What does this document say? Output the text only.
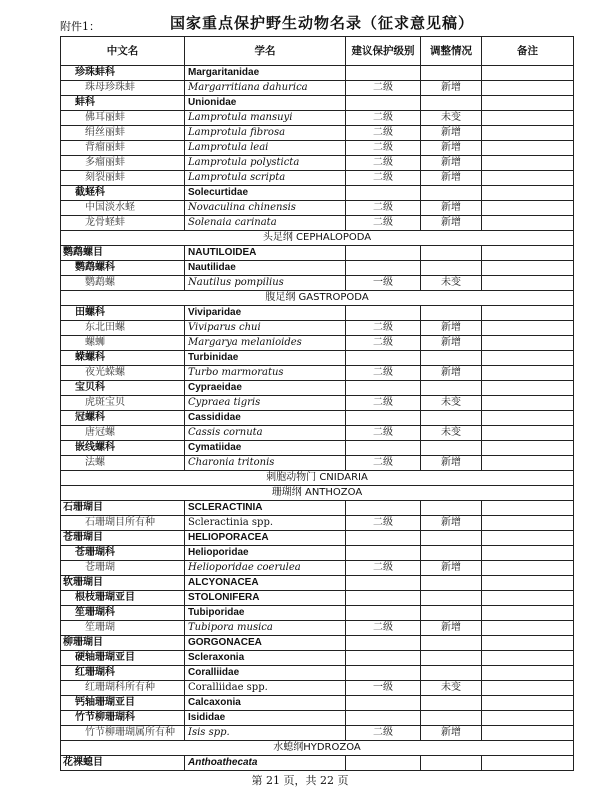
附件1：	国家重点保护野生动物名录（征求意见稿）
中文名	学名	建议保护级别	调整情况	备注
珍珠蚌科	Margaritanidae			
珠母珍珠蚌	Margarritiana dahurica	二级	新增	
蚌科	Unionidae			
佛耳丽蚌	Lamprotula mansuyi	二级	未变	
绢丝丽蚌	Lamprotula fibrosa	二级	新增	
背瘤丽蚌	Lamprotula leai	二级	新增	
多瘤丽蚌	Lamprotula polysticta	二级	新增	
刻裂丽蚌	Lamprotula scripta	二级	新增	
截蛏科	Solecurtidae			
中国淡水蛏	Novaculina chinensis	二级	新增	
龙骨蛏蚌	Solenaia carinata	二级	新增	
头足纲 CEPHALOPODA				
鹦鹉螺目	NAUTILOIDEA			
鹦鹉螺科	Nautilidae			
鹦鹉螺	Nautilus pompilius	一级	未变	
腹足纲 GASTROPODA				
田螺科	Viviparidae			
东北田螺	Viviparus chui	二级	新增	
螺蛳	Margarya melanioides	二级	新增	
蝾螺科	Turbinidae			
夜光蝾螺	Turbo marmoratus	二级	新增	
宝贝科	Cypraeidae			
虎斑宝贝	Cypraea tigris	二级	未变	
冠螺科	Cassididae			
唐冠螺	Cassis cornuta	二级	未变	
嵌线螺科	Cymatiidae			
法螺	Charonia tritonis	二级	新增	
刺胞动物门 CNIDARIA				
珊瑚纲 ANTHOZOA				
石珊瑚目	SCLERACTINIA			
石珊瑚目所有种	Scleractinia spp.	二级	新增	
苍珊瑚目	HELIOPORACEA			
苍珊瑚科	Helioporidae			
苍珊瑚	Helioporidae coerulea	二级	新增	
软珊瑚目	ALCYONACEA			
根枝珊瑚亚目	STOLONIFERA			
笙珊瑚科	Tubiporidae			
笙珊瑚	Tubipora musica	二级	新增	
柳珊瑚目	GORGONACEA			
硬轴珊瑚亚目	Scleraxonia			
红珊瑚科	Coralliidae			
红珊瑚科所有种	Coralliidae spp.	一级	未变	
钙轴珊瑚亚目	Calcaxonia			
竹节柳珊瑚科	Isididae			
竹节柳珊瑚属所有种	Isis spp.	二级	新增	
水螅纲HYDROZOA				
花裸螅目	Anthoathecata			
第 21 页，共 22 页
